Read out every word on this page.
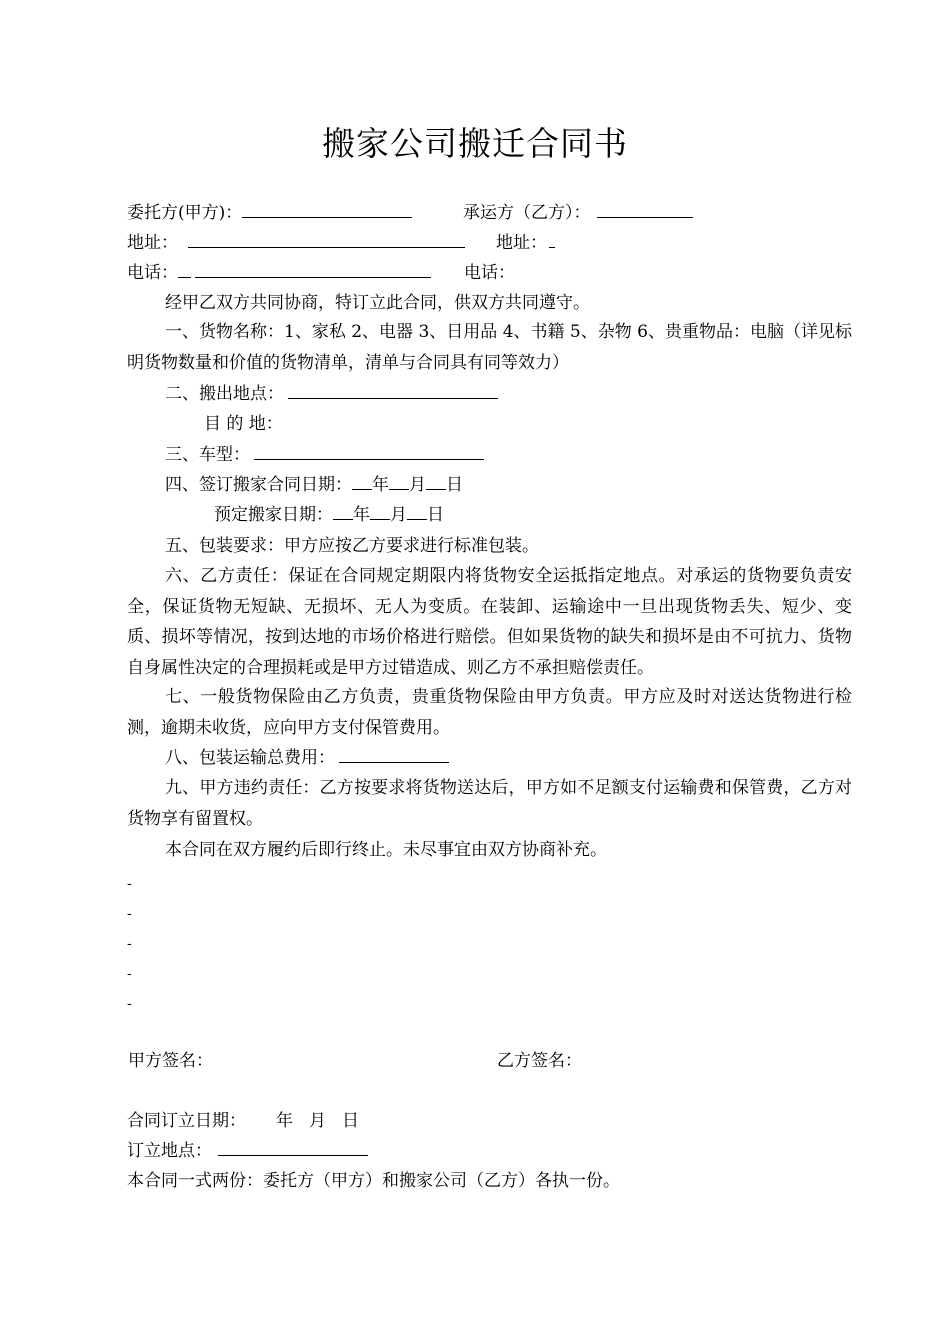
搬家公司搬迁合同书
委托方(甲方)：	承运方（乙方）：
地址：	地址：
电话：	电话：
经甲乙双方共同协商，特订立此合同，供双方共同遵守。
一、货物名称：1、家私 2、电器 3、日用品 4、书籍 5、杂物 6、贵重物品：电脑（详见标明货物数量和价值的货物清单，清单与合同具有同等效力）
二、搬出地点：
目 的 地：
三、车型：
四、签订搬家合同日期： 年 月 日
预定搬家日期： 年 月 日
五、包装要求：甲方应按乙方要求进行标准包装。
六、乙方责任：保证在合同规定期限内将货物安全运抵指定地点。对承运的货物要负责安全，保证货物无短缺、无损坏、无人为变质。在装卸、运输途中一旦出现货物丢失、短少、变质、损坏等情况，按到达地的市场价格进行赔偿。但如果货物的缺失和损坏是由不可抗力、货物自身属性决定的合理损耗或是甲方过错造成、则乙方不承担赔偿责任。
七、一般货物保险由乙方负责，贵重货物保险由甲方负责。甲方应及时对送达货物进行检测，逾期未收货，应向甲方支付保管费用。
八、包装运输总费用：
九、甲方违约责任：乙方按要求将货物送达后，甲方如不足额支付运输费和保管费，乙方对货物享有留置权。
本合同在双方履约后即行终止。未尽事宜由双方协商补充。
-
-
-
-
-
甲方签名：	乙方签名：
合同订立日期： 年 月 日
订立地点：
本合同一式两份：委托方（甲方）和搬家公司（乙方）各执一份。
